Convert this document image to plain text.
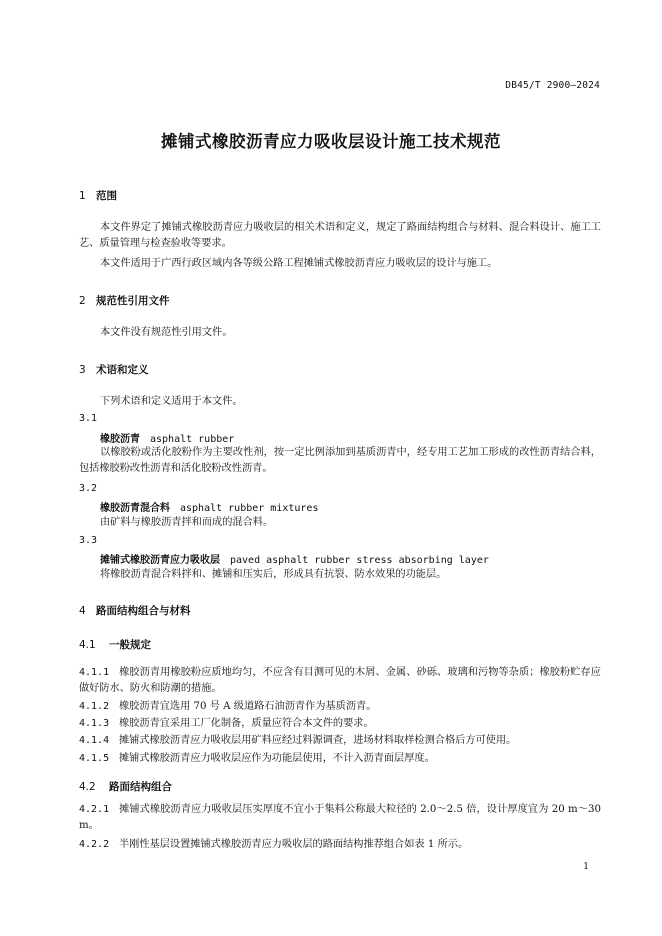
DB45/T 2900—2024
摊铺式橡胶沥青应力吸收层设计施工技术规范
1 范围
本文件界定了摊铺式橡胶沥青应力吸收层的相关术语和定义，规定了路面结构组合与材料、混合料设计、施工工艺、质量管理与检查验收等要求。
本文件适用于广西行政区域内各等级公路工程摊铺式橡胶沥青应力吸收层的设计与施工。
2 规范性引用文件
本文件没有规范性引用文件。
3 术语和定义
下列术语和定义适用于本文件。
3.1
橡胶沥青 asphalt rubber
以橡胶粉或活化胶粉作为主要改性剂，按一定比例添加到基质沥青中，经专用工艺加工形成的改性沥青结合料，包括橡胶粉改性沥青和活化胶粉改性沥青。
3.2
橡胶沥青混合料 asphalt rubber mixtures
由矿料与橡胶沥青拌和而成的混合料。
3.3
摊铺式橡胶沥青应力吸收层 paved asphalt rubber stress absorbing layer
将橡胶沥青混合料拌和、摊铺和压实后，形成具有抗裂、防水效果的功能层。
4 路面结构组合与材料
4.1 一般规定
4.1.1 橡胶沥青用橡胶粉应质地均匀，不应含有目测可见的木屑、金属、砂砾、玻璃和污物等杂质；橡胶粉贮存应做好防水、防火和防潮的措施。
4.1.2 橡胶沥青宜选用 70 号 A 级道路石油沥青作为基质沥青。
4.1.3 橡胶沥青宜采用工厂化制备，质量应符合本文件的要求。
4.1.4 摊铺式橡胶沥青应力吸收层用矿料应经过料源调查，进场材料取样检测合格后方可使用。
4.1.5 摊铺式橡胶沥青应力吸收层应作为功能层使用，不计入沥青面层厚度。
4.2 路面结构组合
4.2.1 摊铺式橡胶沥青应力吸收层压实厚度不宜小于集料公称最大粒径的 2.0～2.5 倍，设计厚度宜为 20 m～30 m。
4.2.2 半刚性基层设置摊铺式橡胶沥青应力吸收层的路面结构推荐组合如表 1 所示。
1
